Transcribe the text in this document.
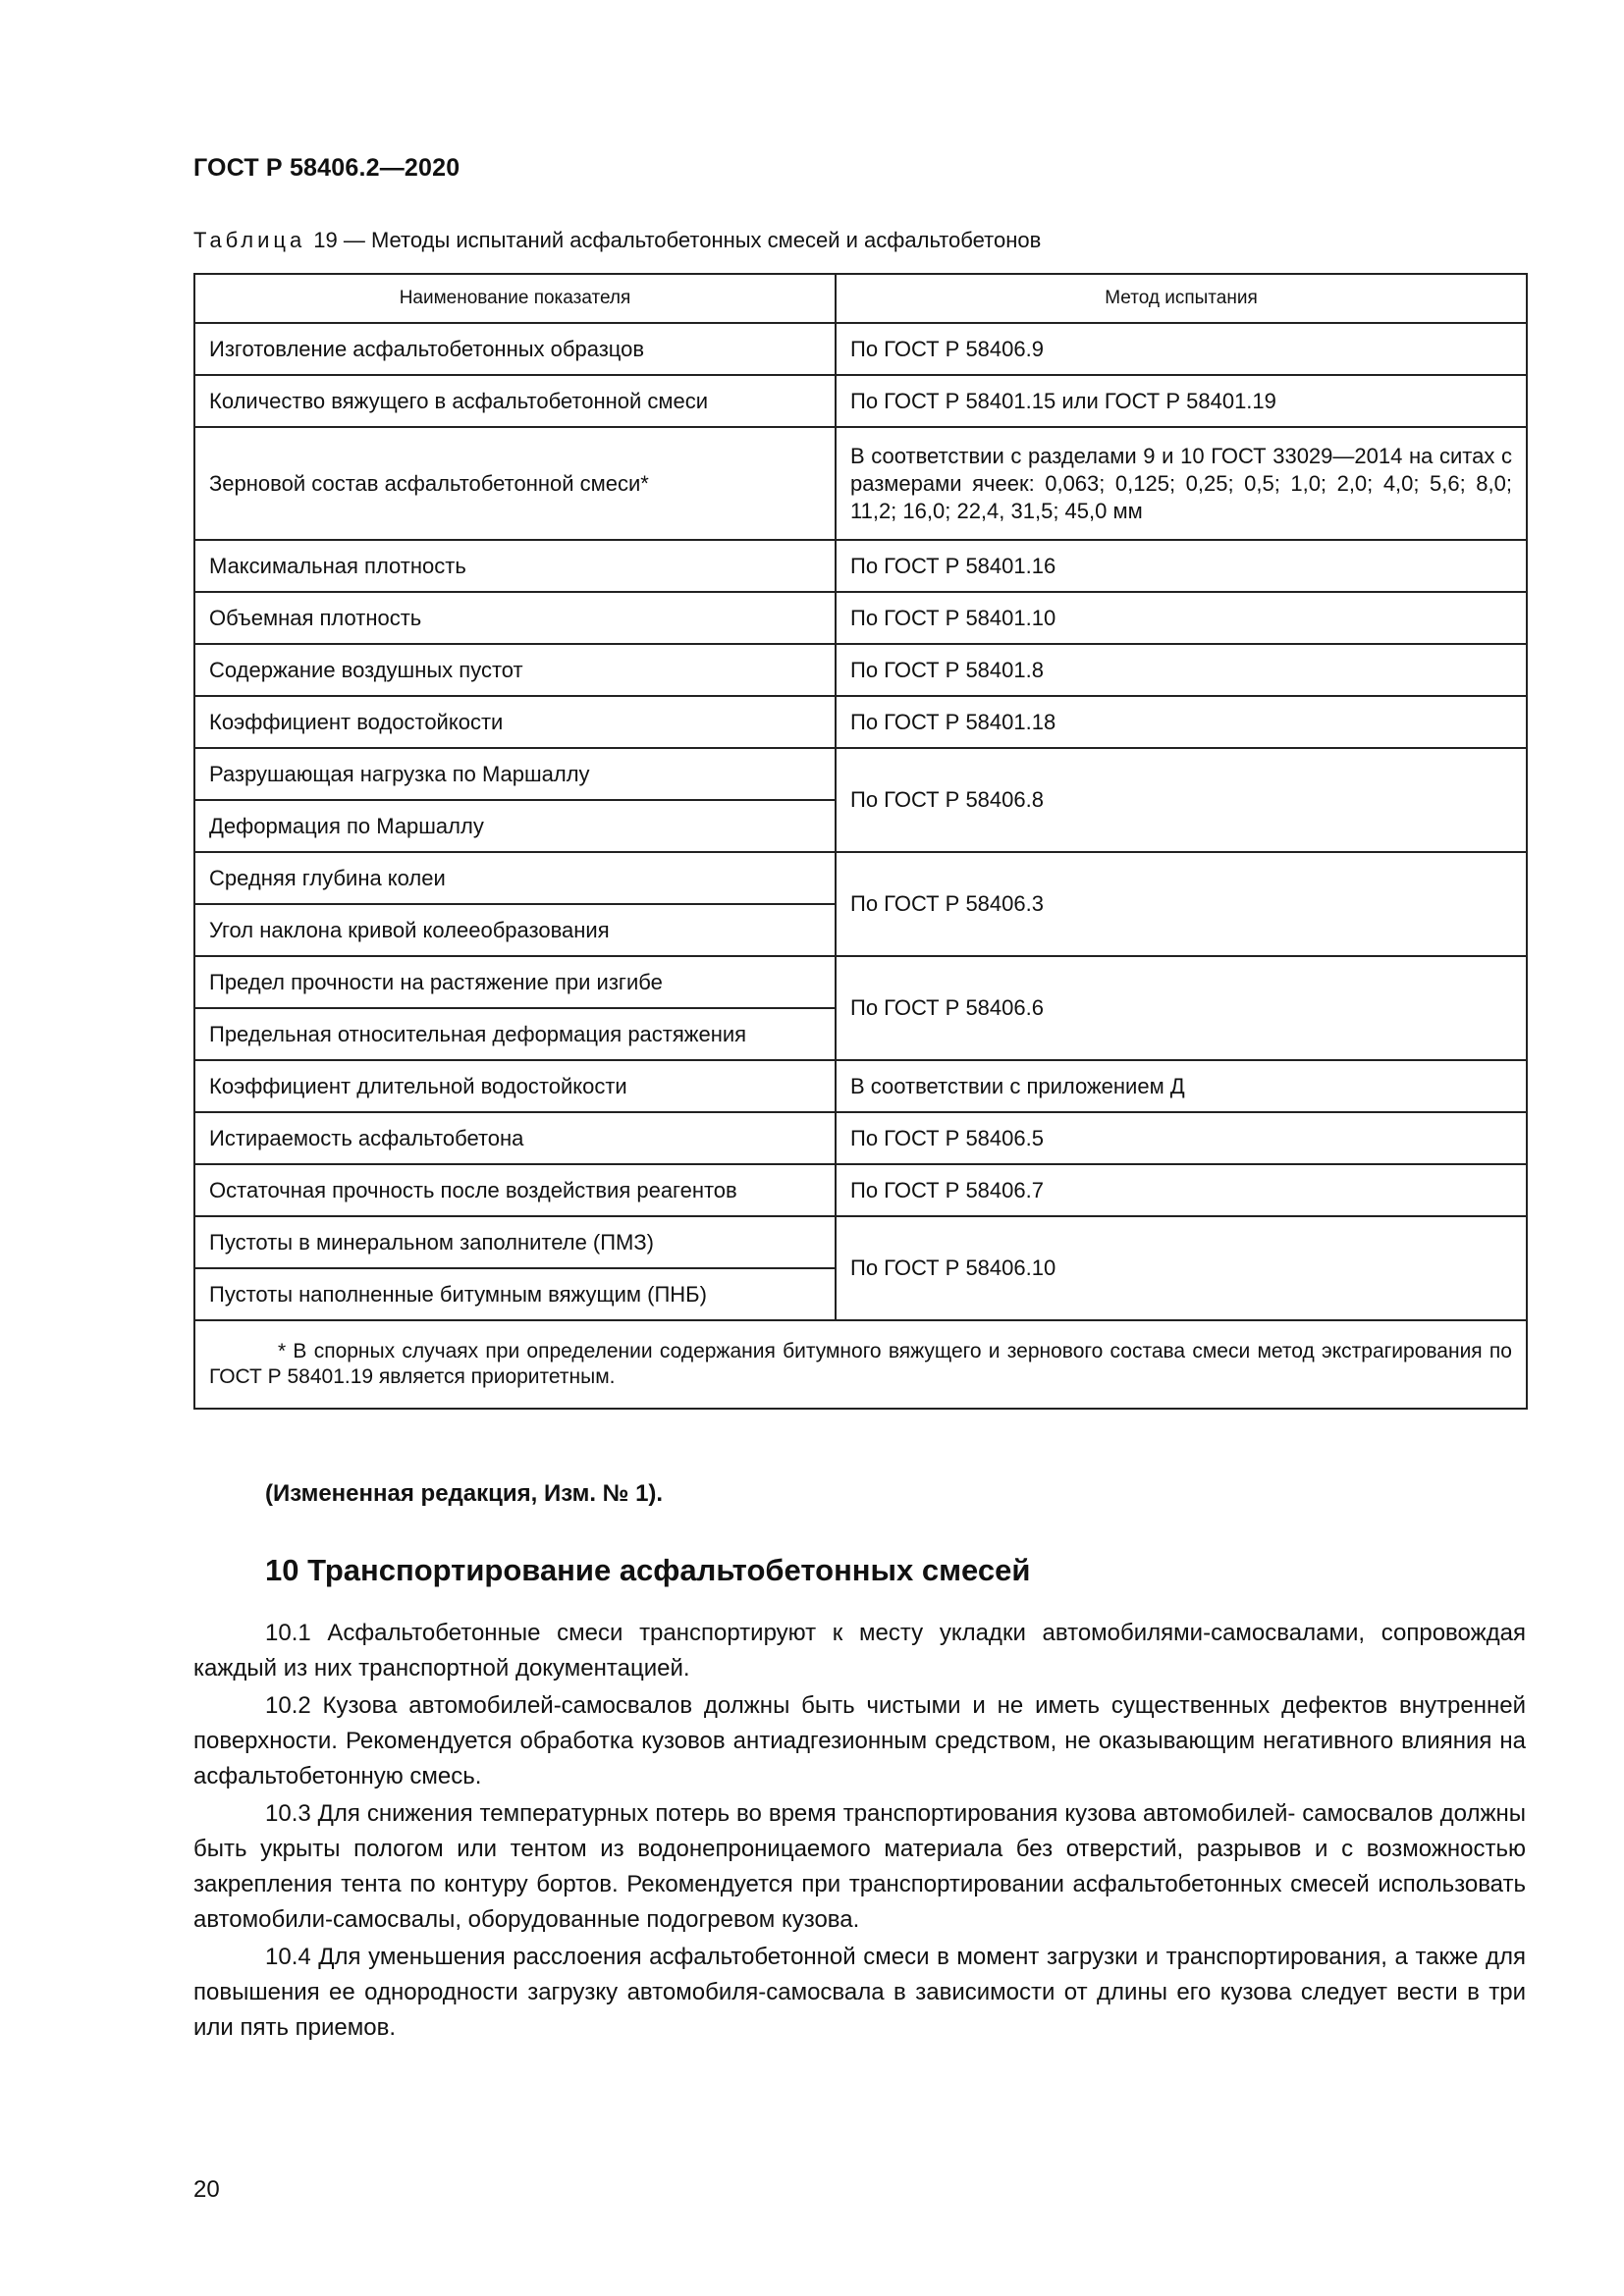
ГОСТ Р 58406.2—2020
Таблица 19 — Методы испытаний асфальтобетонных смесей и асфальтобетонов
Наименование показателя	Метод испытания
Изготовление асфальтобетонных образцов	По ГОСТ Р 58406.9
Количество вяжущего в асфальтобетонной смеси	По ГОСТ Р 58401.15 или ГОСТ Р 58401.19
Зерновой состав асфальтобетонной смеси*	В соответствии с разделами 9 и 10 ГОСТ 33029—2014 на ситах с размерами ячеек: 0,063; 0,125; 0,25; 0,5; 1,0; 2,0; 4,0; 5,6; 8,0; 11,2; 16,0; 22,4, 31,5; 45,0 мм
Максимальная плотность	По ГОСТ Р 58401.16
Объемная плотность	По ГОСТ Р 58401.10
Содержание воздушных пустот	По ГОСТ Р 58401.8
Коэффициент водостойкости	По ГОСТ Р 58401.18
Разрушающая нагрузка по Маршаллу	По ГОСТ Р 58406.8
Деформация по Маршаллу	
Средняя глубина колеи	По ГОСТ Р 58406.3
Угол наклона кривой колееобразования	
Предел прочности на растяжение при изгибе	По ГОСТ Р 58406.6
Предельная относительная деформация растяжения	
Коэффициент длительной водостойкости	В соответствии с приложением Д
Истираемость асфальтобетона	По ГОСТ Р 58406.5
Остаточная прочность после воздействия реагентов	По ГОСТ Р 58406.7
Пустоты в минеральном заполнителе (ПМЗ)	По ГОСТ Р 58406.10
Пустоты наполненные битумным вяжущим (ПНБ)	
* В спорных случаях при определении содержания битумного вяжущего и зернового состава смеси метод экстрагирования по ГОСТ Р 58401.19 является приоритетным.	
(Измененная редакция, Изм. № 1).
10 Транспортирование асфальтобетонных смесей

10.1 Асфальтобетонные смеси транспортируют к месту укладки автомобилями-самосвалами, сопровождая каждый из них транспортной документацией.

10.2 Кузова автомобилей-самосвалов должны быть чистыми и не иметь существенных дефектов внутренней поверхности. Рекомендуется обработка кузовов антиадгезионным средством, не оказывающим негативного влияния на асфальтобетонную смесь.

10.3 Для снижения температурных потерь во время транспортирования кузова автомобилей- самосвалов должны быть укрыты пологом или тентом из водонепроницаемого материала без отверстий, разрывов и с возможностью закрепления тента по контуру бортов. Рекомендуется при транспортировании асфальтобетонных смесей использовать автомобили-самосвалы, оборудованные подогревом кузова.

10.4 Для уменьшения расслоения асфальтобетонной смеси в момент загрузки и транспортирования, а также для повышения ее однородности загрузку автомобиля-самосвала в зависимости от длины его кузова следует вести в три или пять приемов.

20
